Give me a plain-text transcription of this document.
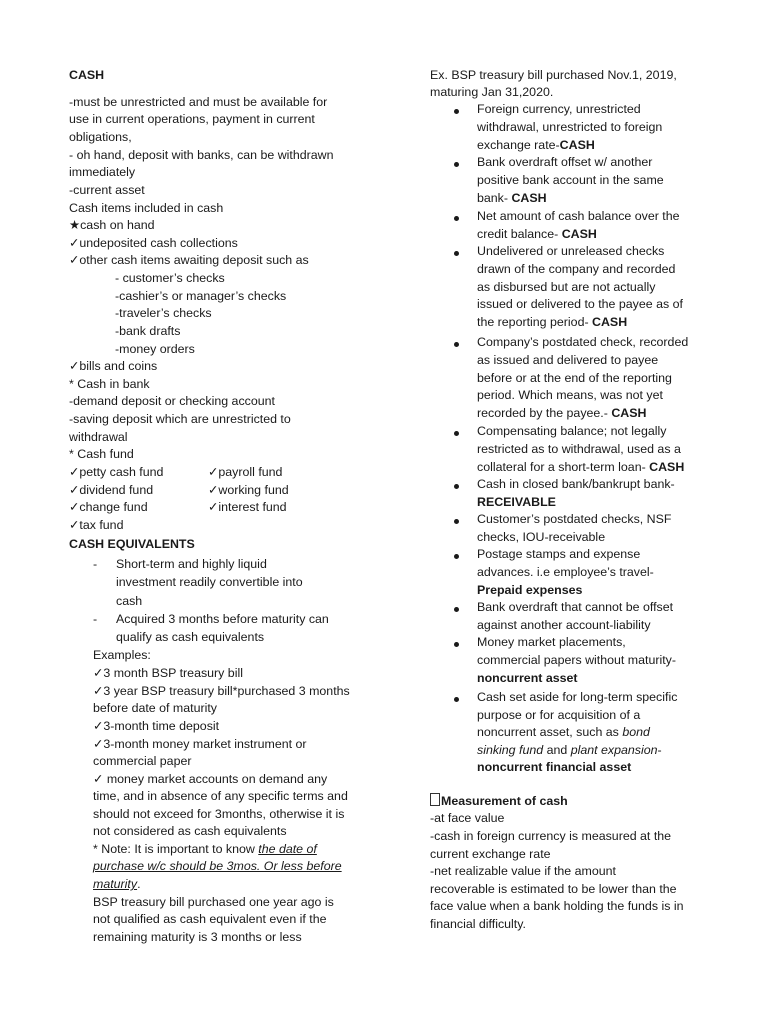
CASH
-must be unrestricted and must be available for
use in current operations, payment in current
obligations,
- oh hand, deposit with banks, can be withdrawn
immediately
-current asset
Cash items included in cash
★cash on hand
✓undeposited cash collections
✓other cash items awaiting deposit such as
- customer’s checks
-cashier’s or manager’s checks
-traveler’s checks
-bank drafts
-money orders
✓bills and coins
* Cash in bank
-demand deposit or checking account
-saving deposit which are unrestricted to
withdrawal
* Cash fund
✓petty cash fund
✓dividend fund
✓change fund
✓tax fund
✓payroll fund
✓working fund
✓interest fund
CASH EQUIVALENTS
- Short-term and highly liquid
investment readily convertible into
cash
- Acquired 3 months before maturity can
qualify as cash equivalents
Examples:
✓3 month BSP treasury bill
✓3 year BSP treasury bill*purchased 3 months
before date of maturity
✓3-month time deposit
✓3-month money market instrument or
commercial paper
✓ money market accounts on demand any
time, and in absence of any specific terms and
should not exceed for 3months, otherwise it is
not considered as cash equivalents
* Note: It is important to know the date of
purchase w/c should be 3mos. Or less before
maturity.
BSP treasury bill purchased one year ago is
not qualified as cash equivalent even if the
remaining maturity is 3 months or less
Ex. BSP treasury bill purchased Nov.1, 2019,
maturing Jan 31,2020.
Foreign currency, unrestricted
withdrawal, unrestricted to foreign
exchange rate-CASH
Bank overdraft offset w/ another
positive bank account in the same
bank- CASH
Net amount of cash balance over the
credit balance- CASH
Undelivered or unreleased checks
drawn of the company and recorded
as disbursed but are not actually
issued or delivered to the payee as of
the reporting period- CASH
Company’s postdated check, recorded
as issued and delivered to payee
before or at the end of the reporting
period. Which means, was not yet
recorded by the payee.- CASH
Compensating balance; not legally
restricted as to withdrawal, used as a
collateral for a short-term loan- CASH
Cash in closed bank/bankrupt bank-
RECEIVABLE
Customer’s postdated checks, NSF
checks, IOU-receivable
Postage stamps and expense
advances. i.e employee’s travel-
Prepaid expenses
Bank overdraft that cannot be offset
against another account-liability
Money market placements,
commercial papers without maturity-
noncurrent asset
Cash set aside for long-term specific
purpose or for acquisition of a
noncurrent asset, such as bond
sinking fund and plant expansion-
noncurrent financial asset
Measurement of cash
-at face value
-cash in foreign currency is measured at the
current exchange rate
-net realizable value if the amount
recoverable is estimated to be lower than the
face value when a bank holding the funds is in
financial difficulty.
